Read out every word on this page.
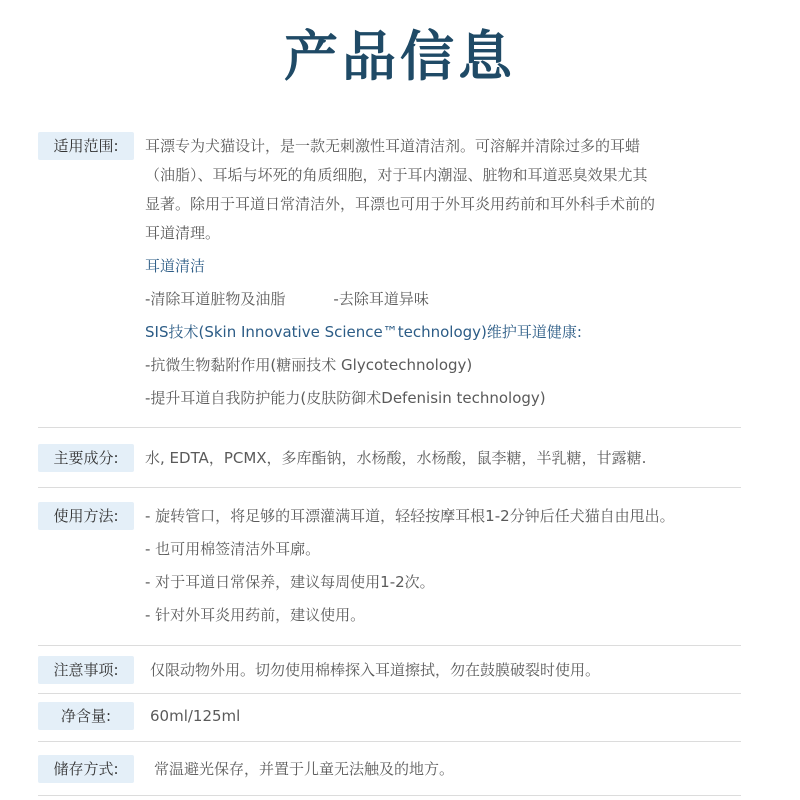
产品信息
适用范围:	耳漂专为犬猫设计，是一款无刺激性耳道清洁剂。可溶解并清除过多的耳蜡

（油脂）、耳垢与坏死的角质细胞，对于耳内潮湿、脏物和耳道恶臭效果尤其

显著。除用于耳道日常清洁外，耳漂也可用于外耳炎用药前和耳外科手术前的

耳道清理。

耳道清洁

-清除耳道脏物及油脂	-去除耳道异味

SIS技术(Skin Innovative Science™technology)维护耳道健康:

-抗微生物黏附作用(糖丽技术 Glycotechnology)

-提升耳道自我防护能力(皮肤防御术Defenisin technology)

主要成分:	水, EDTA，PCMX，多库酯钠，水杨酸，水杨酸，鼠李糖，半乳糖，甘露糖.
使用方法:	- 旋转管口，将足够的耳漂灌满耳道，轻轻按摩耳根1-2分钟后任犬猫自由甩出。

- 也可用棉签清洁外耳廓。

- 对于耳道日常保养，建议每周使用1-2次。

- 针对外耳炎用药前，建议使用。

注意事项:	仅限动物外用。切勿使用棉棒探入耳道擦拭，勿在鼓膜破裂时使用。
净含量:	60ml/125ml
储存方式:	常温避光保存，并置于儿童无法触及的地方。
